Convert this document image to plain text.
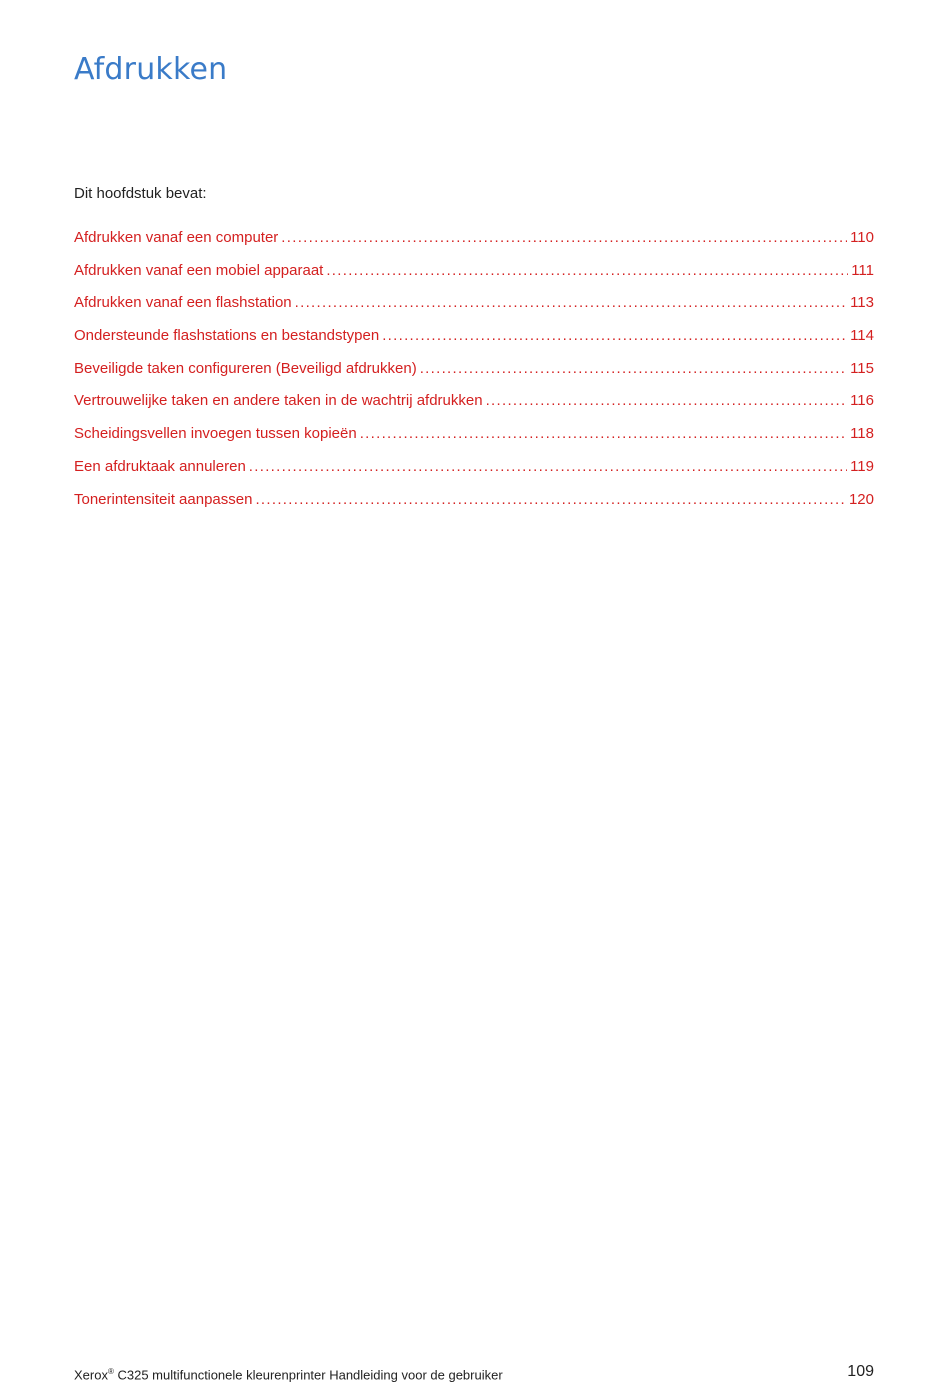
Afdrukken
Dit hoofdstuk bevat:
Afdrukken vanaf een computer .....	110
Afdrukken vanaf een mobiel apparaat .....	111
Afdrukken vanaf een flashstation .....	113
Ondersteunde flashstations en bestandstypen .....	114
Beveiligde taken configureren (Beveiligd afdrukken) .....	115
Vertrouwelijke taken en andere taken in de wachtrij afdrukken .....	116
Scheidingsvellen invoegen tussen kopieën .....	118
Een afdruktaak annuleren .....	119
Tonerintensiteit aanpassen .....	120
Xerox® C325 multifunctionele kleurenprinter Handleiding voor de gebruiker	109
